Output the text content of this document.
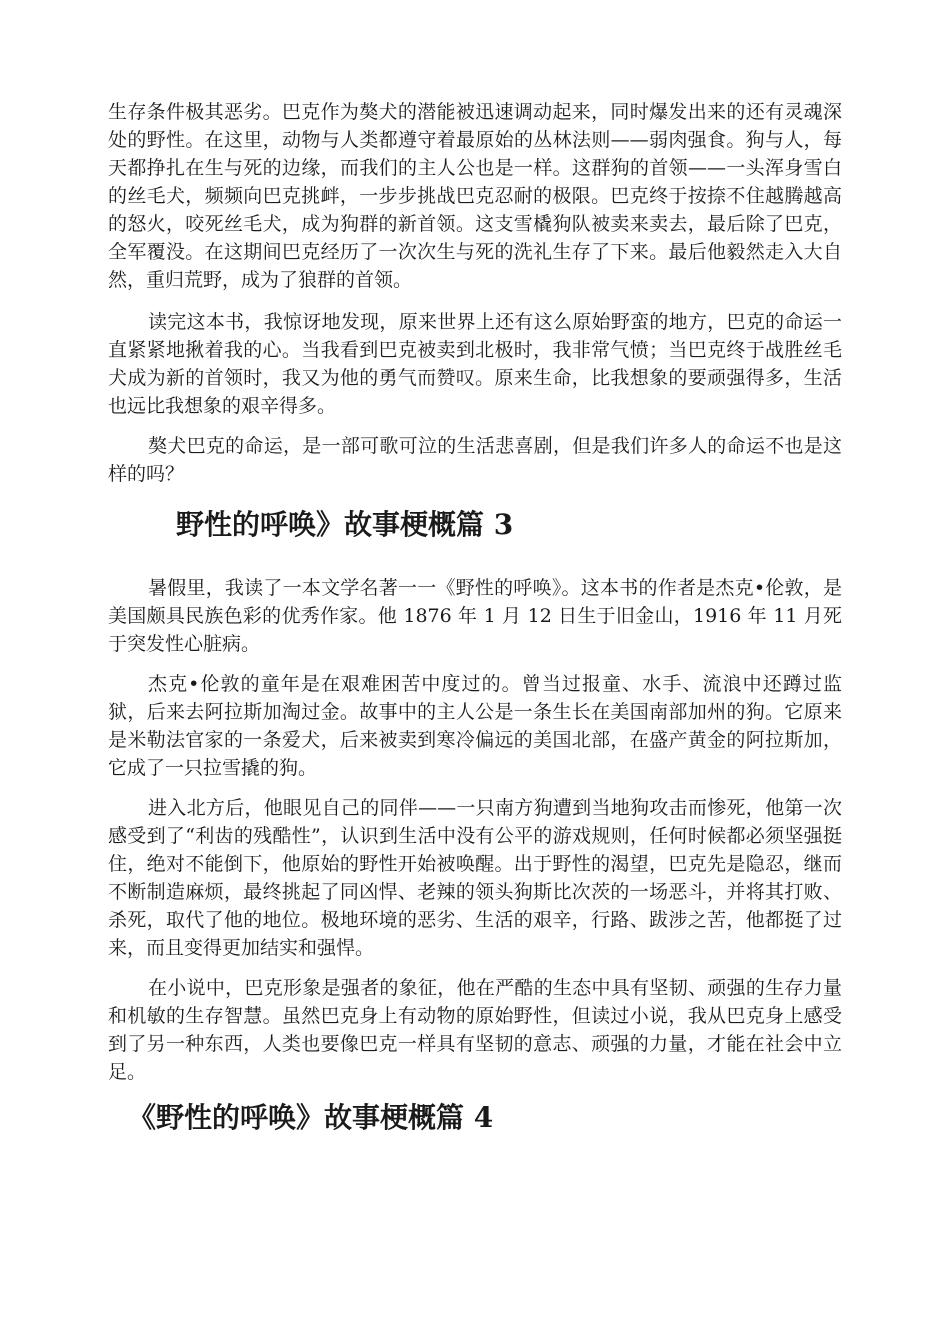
生存条件极其恶劣。巴克作为獒犬的潜能被迅速调动起来，同时爆发出来的还有灵魂深处的野性。在这里，动物与人类都遵守着最原始的丛林法则——弱肉强食。狗与人，每天都挣扎在生与死的边缘，而我们的主人公也是一样。这群狗的首领——一头浑身雪白的丝毛犬，频频向巴克挑衅，一步步挑战巴克忍耐的极限。巴克终于按捺不住越腾越高的怒火，咬死丝毛犬，成为狗群的新首领。这支雪橇狗队被卖来卖去，最后除了巴克，全军覆没。在这期间巴克经历了一次次生与死的洗礼生存了下来。最后他毅然走入大自然，重归荒野，成为了狼群的首领。

读完这本书，我惊讶地发现，原来世界上还有这么原始野蛮的地方，巴克的命运一直紧紧地揪着我的心。当我看到巴克被卖到北极时，我非常气愤；当巴克终于战胜丝毛犬成为新的首领时，我又为他的勇气而赞叹。原来生命，比我想象的要顽强得多，生活也远比我想象的艰辛得多。

獒犬巴克的命运，是一部可歌可泣的生活悲喜剧，但是我们许多人的命运不也是这样的吗？

野性的呼唤》故事梗概篇 3

暑假里，我读了一本文学名著一一《野性的呼唤》。这本书的作者是杰克•伦敦，是美国颇具民族色彩的优秀作家。他 1876 年 1 月 12 日生于旧金山，1916 年 11 月死于突发性心脏病。

杰克•伦敦的童年是在艰难困苦中度过的。曾当过报童、水手、流浪中还蹲过监狱，后来去阿拉斯加淘过金。故事中的主人公是一条生长在美国南部加州的狗。它原来是米勒法官家的一条爱犬，后来被卖到寒冷偏远的美国北部，在盛产黄金的阿拉斯加，它成了一只拉雪撬的狗。

进入北方后，他眼见自己的同伴——一只南方狗遭到当地狗攻击而惨死，他第一次感受到了“利齿的残酷性”，认识到生活中没有公平的游戏规则，任何时候都必须坚强挺住，绝对不能倒下，他原始的野性开始被唤醒。出于野性的渴望，巴克先是隐忍，继而不断制造麻烦，最终挑起了同凶悍、老辣的领头狗斯比次茨的一场恶斗，并将其打败、杀死，取代了他的地位。极地环境的恶劣、生活的艰辛，行路、跋涉之苦，他都挺了过来，而且变得更加结实和强悍。

在小说中，巴克形象是强者的象征，他在严酷的生态中具有坚韧、顽强的生存力量和机敏的生存智慧。虽然巴克身上有动物的原始野性，但读过小说，我从巴克身上感受到了另一种东西，人类也要像巴克一样具有坚韧的意志、顽强的力量，才能在社会中立足。

《野性的呼唤》故事梗概篇 4
